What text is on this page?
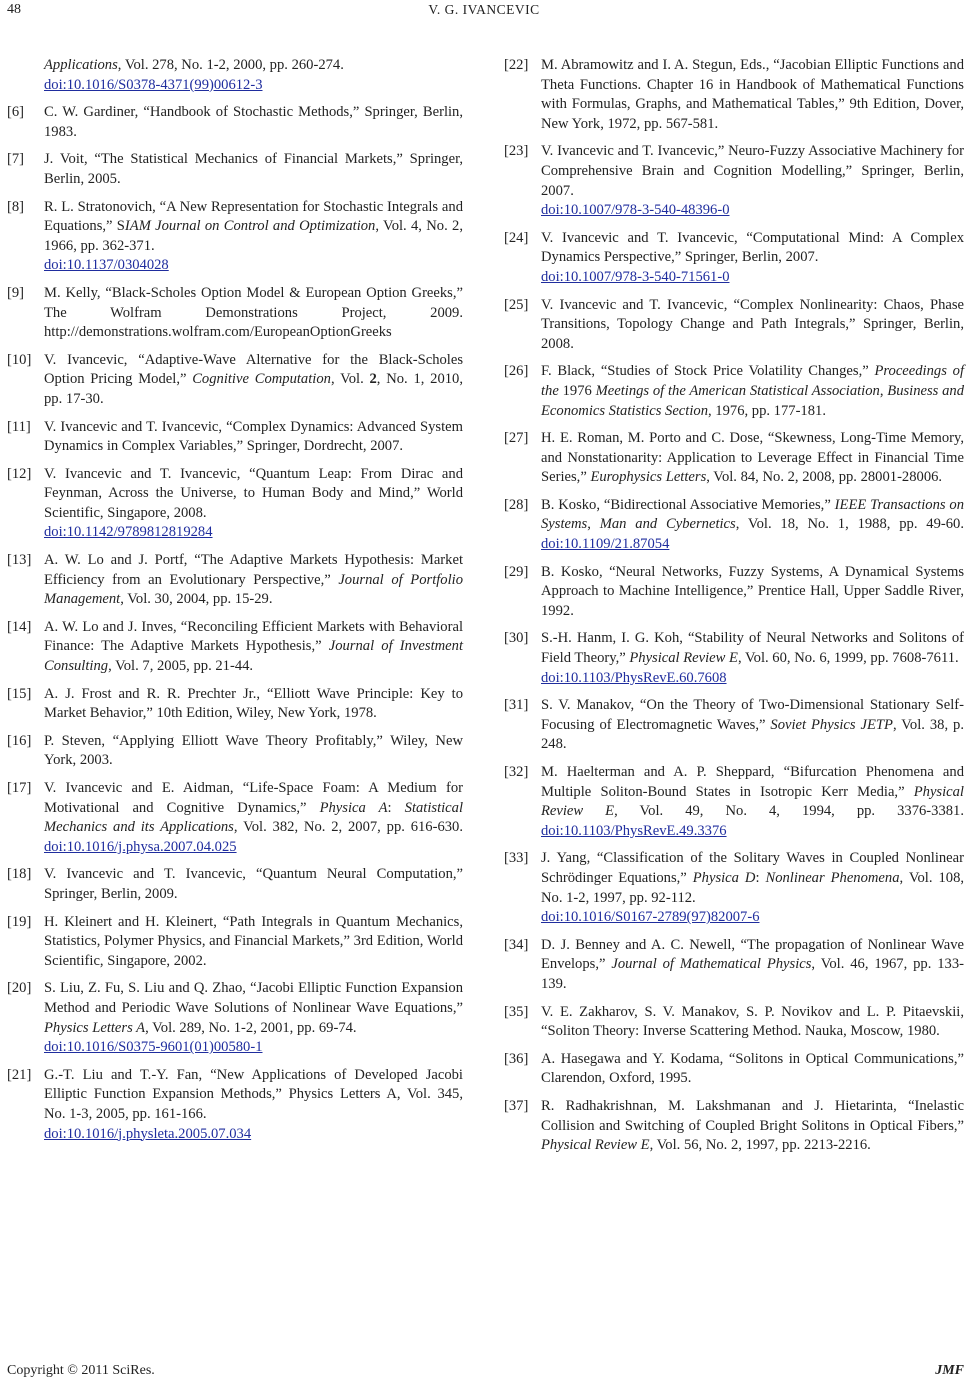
48	V. G. IVANCEVIC
Applications, Vol. 278, No. 1-2, 2000, pp. 260-274.
doi:10.1016/S0378-4371(99)00612-3
[6]	C. W. Gardiner, “Handbook of Stochastic Methods,” Springer, Berlin, 1983.
[7]	J. Voit, “The Statistical Mechanics of Financial Markets,” Springer, Berlin, 2005.
[8]	R. L. Stratonovich, “A New Representation for Stochastic Integrals and Equations,” SIAM Journal on Control and Optimization, Vol. 4, No. 2, 1966, pp. 362-371.
doi:10.1137/0304028
[9]	M. Kelly, “Black-Scholes Option Model & European Option Greeks,” The Wolfram Demonstrations Project, 2009. http://demonstrations.wolfram.com/EuropeanOptionGreeks
[10] V. Ivancevic, “Adaptive-Wave Alternative for the Black-Scholes Option Pricing Model,” Cognitive Computation, Vol. 2, No. 1, 2010, pp. 17-30.
[11] V. Ivancevic and T. Ivancevic, “Complex Dynamics: Advanced System Dynamics in Complex Variables,” Springer, Dordrecht, 2007.
[12] V. Ivancevic and T. Ivancevic, “Quantum Leap: From Dirac and Feynman, Across the Universe, to Human Body and Mind,” World Scientific, Singapore, 2008.
doi:10.1142/9789812819284
[13] A. W. Lo and J. Portf, “The Adaptive Markets Hypothesis: Market Efficiency from an Evolutionary Perspective,” Journal of Portfolio Management, Vol. 30, 2004, pp. 15-29.
[14] A. W. Lo and J. Inves, “Reconciling Efficient Markets with Behavioral Finance: The Adaptive Markets Hypothesis,” Journal of Investment Consulting, Vol. 7, 2005, pp. 21-44.
[15] A. J. Frost and R. R. Prechter Jr., “Elliott Wave Principle: Key to Market Behavior,” 10th Edition, Wiley, New York, 1978.
[16] P. Steven, “Applying Elliott Wave Theory Profitably,” Wiley, New York, 2003.
[17] V. Ivancevic and E. Aidman, “Life-Space Foam: A Medium for Motivational and Cognitive Dynamics,” Physica A: Statistical Mechanics and its Applications, Vol. 382, No. 2, 2007, pp. 616-630. doi:10.1016/j.physa.2007.04.025
[18] V. Ivancevic and T. Ivancevic, “Quantum Neural Computation,” Springer, Berlin, 2009.
[19] H. Kleinert and H. Kleinert, “Path Integrals in Quantum Mechanics, Statistics, Polymer Physics, and Financial Markets,” 3rd Edition, World Scientific, Singapore, 2002.
[20] S. Liu, Z. Fu, S. Liu and Q. Zhao, “Jacobi Elliptic Function Expansion Method and Periodic Wave Solutions of Nonlinear Wave Equations,” Physics Letters A, Vol. 289, No. 1-2, 2001, pp. 69-74.
doi:10.1016/S0375-9601(01)00580-1
[21] G.-T. Liu and T.-Y. Fan, “New Applications of Developed Jacobi Elliptic Function Expansion Methods,” Physics Letters A, Vol. 345, No. 1-3, 2005, pp. 161-166.
doi:10.1016/j.physleta.2005.07.034
[22] M. Abramowitz and I. A. Stegun, Eds., “Jacobian Elliptic Functions and Theta Functions. Chapter 16 in Handbook of Mathematical Functions with Formulas, Graphs, and Mathematical Tables,” 9th Edition, Dover, New York, 1972, pp. 567-581.
[23] V. Ivancevic and T. Ivancevic,” Neuro-Fuzzy Associative Machinery for Comprehensive Brain and Cognition Modelling,” Springer, Berlin, 2007.
doi:10.1007/978-3-540-48396-0
[24] V. Ivancevic and T. Ivancevic, “Computational Mind: A Complex Dynamics Perspective,” Springer, Berlin, 2007.
doi:10.1007/978-3-540-71561-0
[25] V. Ivancevic and T. Ivancevic, “Complex Nonlinearity: Chaos, Phase Transitions, Topology Change and Path Integrals,” Springer, Berlin, 2008.
[26] F. Black, “Studies of Stock Price Volatility Changes,” Proceedings of the 1976 Meetings of the American Statistical Association, Business and Economics Statistics Section, 1976, pp. 177-181.
[27] H. E. Roman, M. Porto and C. Dose, “Skewness, Long-Time Memory, and Nonstationarity: Application to Leverage Effect in Financial Time Series,” Europhysics Letters, Vol. 84, No. 2, 2008, pp. 28001-28006.
[28] B. Kosko, “Bidirectional Associative Memories,” IEEE Transactions on Systems, Man and Cybernetics, Vol. 18, No. 1, 1988, pp. 49-60. doi:10.1109/21.87054
[29] B. Kosko, “Neural Networks, Fuzzy Systems, A Dynamical Systems Approach to Machine Intelligence,” Prentice Hall, Upper Saddle River, 1992.
[30] S.-H. Hanm, I. G. Koh, “Stability of Neural Networks and Solitons of Field Theory,” Physical Review E, Vol. 60, No. 6, 1999, pp. 7608-7611.
doi:10.1103/PhysRevE.60.7608
[31] S. V. Manakov, “On the Theory of Two-Dimensional Stationary Self-Focusing of Electromagnetic Waves,” Soviet Physics JETP, Vol. 38, p. 248.
[32] M. Haelterman and A. P. Sheppard, “Bifurcation Phenomena and Multiple Soliton-Bound States in Isotropic Kerr Media,” Physical Review E, Vol. 49, No. 4, 1994, pp. 3376-3381. doi:10.1103/PhysRevE.49.3376
[33] J. Yang, “Classification of the Solitary Waves in Coupled Nonlinear Schrödinger Equations,” Physica D: Nonlinear Phenomena, Vol. 108, No. 1-2, 1997, pp. 92-112.
doi:10.1016/S0167-2789(97)82007-6
[34] D. J. Benney and A. C. Newell, “The propagation of Nonlinear Wave Envelops,” Journal of Mathematical Physics, Vol. 46, 1967, pp. 133-139.
[35] V. E. Zakharov, S. V. Manakov, S. P. Novikov and L. P. Pitaevskii, “Soliton Theory: Inverse Scattering Method. Nauka, Moscow, 1980.
[36] A. Hasegawa and Y. Kodama, “Solitons in Optical Communications,” Clarendon, Oxford, 1995.
[37] R. Radhakrishnan, M. Lakshmanan and J. Hietarinta, “Inelastic Collision and Switching of Coupled Bright Solitons in Optical Fibers,” Physical Review E, Vol. 56, No. 2, 1997, pp. 2213-2216.
Copyright © 2011 SciRes.	JMF
